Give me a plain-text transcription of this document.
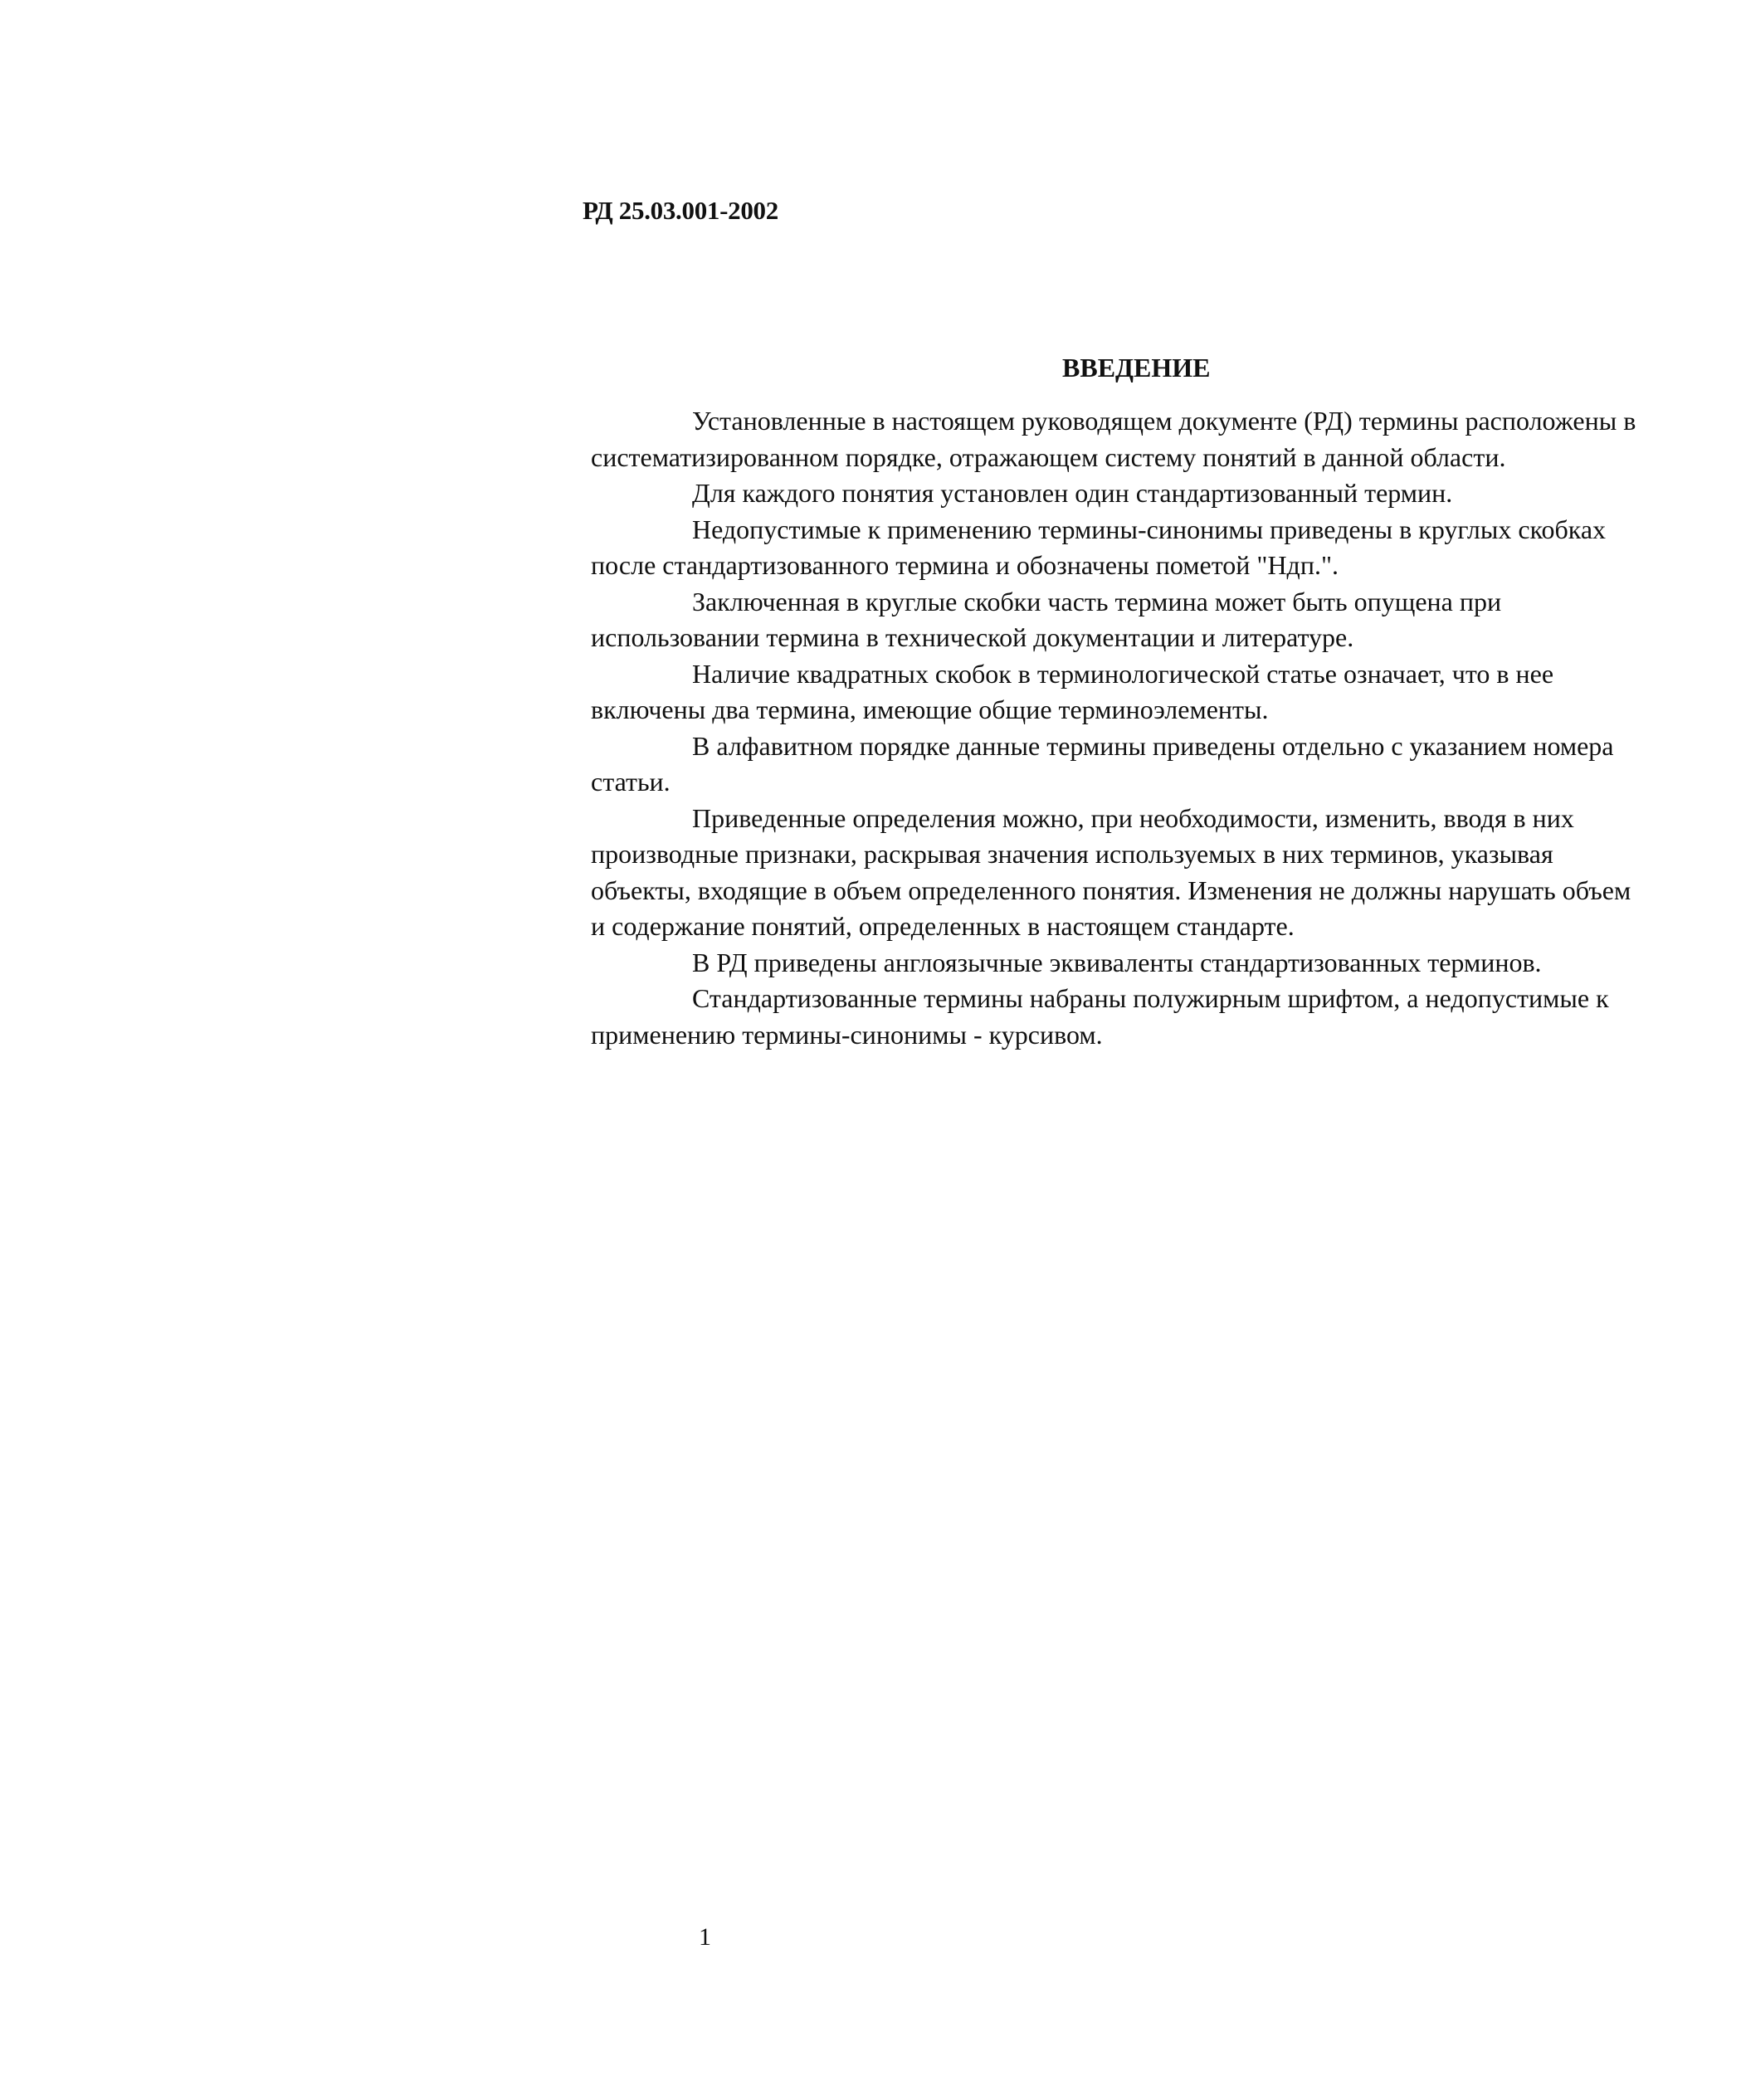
РД 25.03.001-2002
ВВЕДЕНИЕ
Установленные в настоящем руководящем документе (РД) термины расположены в
систематизированном порядке, отражающем систему понятий в данной области.
Для каждого понятия установлен один стандартизованный термин.
Недопустимые к применению термины-синонимы приведены в круглых скобках
после стандартизованного термина и обозначены пометой "Ндп.".
Заключенная в круглые скобки часть термина может быть опущена при
использовании термина в технической документации и литературе.
Наличие квадратных скобок в терминологической статье означает, что в нее
включены два термина, имеющие общие терминоэлементы.
В алфавитном порядке данные термины приведены отдельно с указанием номера
статьи.
Приведенные определения можно, при необходимости, изменить, вводя в них
производные признаки, раскрывая значения используемых в них терминов, указывая
объекты, входящие в объем определенного понятия. Изменения не должны нарушать объем
и содержание понятий, определенных в настоящем стандарте.
В РД приведены англоязычные эквиваленты стандартизованных терминов.
Стандартизованные термины набраны полужирным шрифтом, а недопустимые к
применению термины-синонимы - курсивом.
1
